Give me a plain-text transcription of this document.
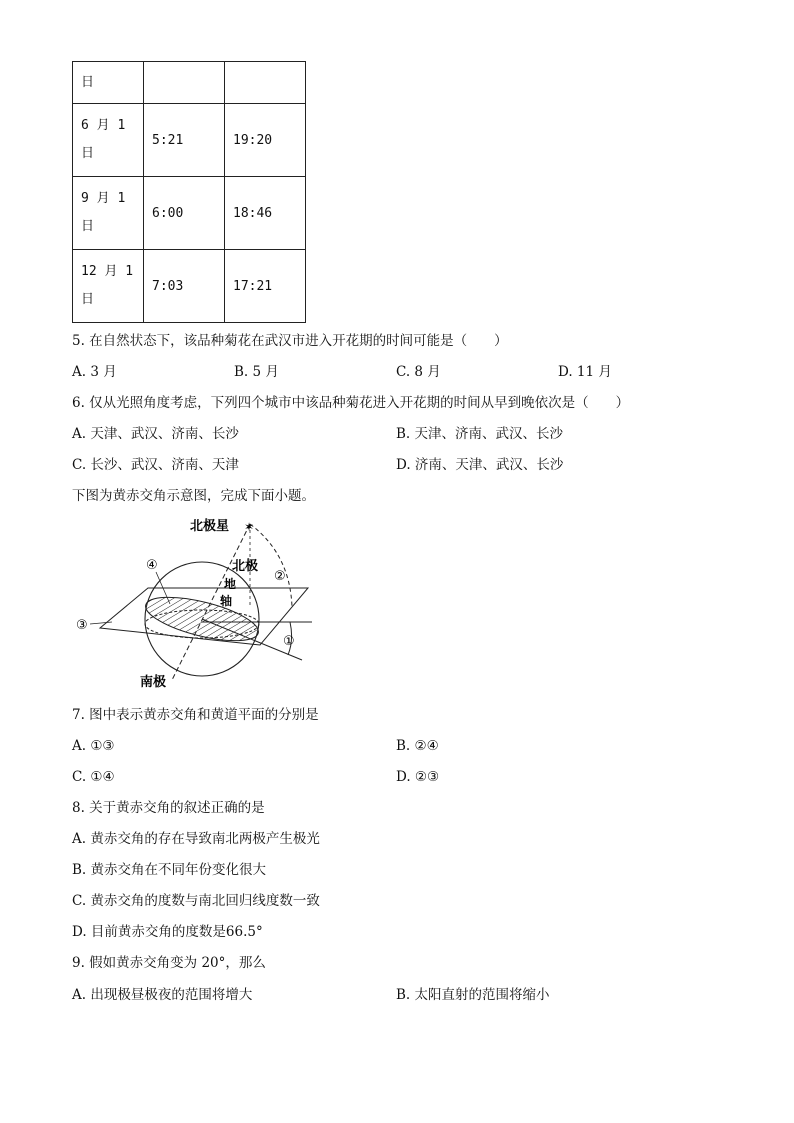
日		

6 月 1
日	5:21	19:20

9 月 1
日	6:00	18:46

12 月 1
日	7:03	17:21
5. 在自然状态下，该品种菊花在武汉市进入开花期的时间可能是（　　）
A. 3 月	B. 5 月	C. 8 月	D. 11 月
6. 仅从光照角度考虑，下列四个城市中该品种菊花进入开花期的时间从早到晚依次是（　　）
A. 天津、武汉、济南、长沙	B. 天津、济南、武汉、长沙
C. 长沙、武汉、济南、天津	D. 济南、天津、武汉、长沙
下图为黄赤交角示意图，完成下面小题。
✶
北极星
北极
地
轴
南极
④
②
③
①
7. 图中表示黄赤交角和黄道平面的分别是
A. ①③	B. ②④
C. ①④	D. ②③
8. 关于黄赤交角的叙述正确的是
A. 黄赤交角的存在导致南北两极产生极光
B. 黄赤交角在不同年份变化很大
C. 黄赤交角的度数与南北回归线度数一致
D. 目前黄赤交角的度数是66.5°
9. 假如黄赤交角变为 20°，那么
A. 出现极昼极夜的范围将增大	B. 太阳直射的范围将缩小
